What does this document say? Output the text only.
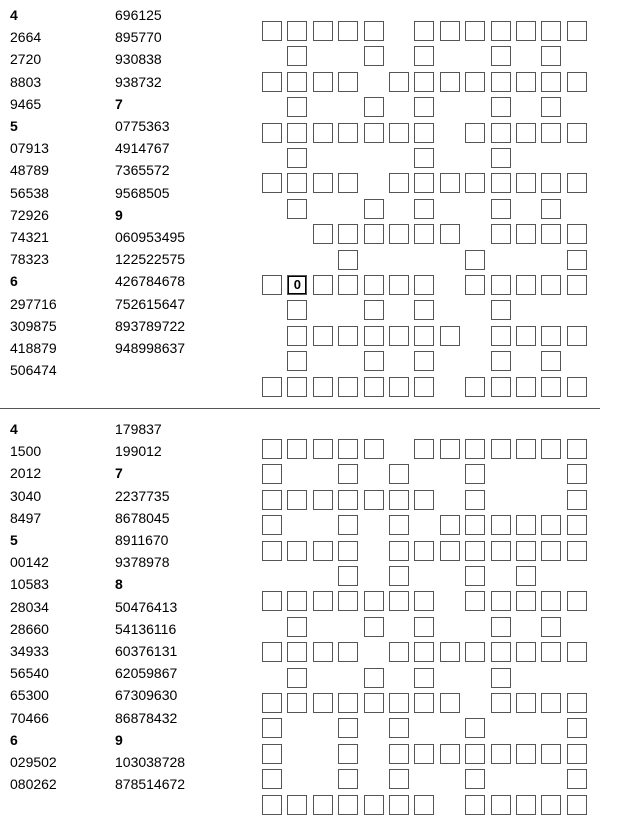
4
2664
2720
8803
9465
5
07913
48789
56538
72926
74321
78323
6
297716
309875
418879
506474
696125
895770
930838
938732
7
0775363
4914767
7365572
9568505
9
060953495
122522575
426784678
752615647
893789722
948998637
0
4
1500
2012
3040
8497
5
00142
10583
28034
28660
34933
56540
65300
70466
6
029502
080262
179837
199012
7
2237735
8678045
8911670
9378978
8
50476413
54136116
60376131
62059867
67309630
86878432
9
103038728
878514672
